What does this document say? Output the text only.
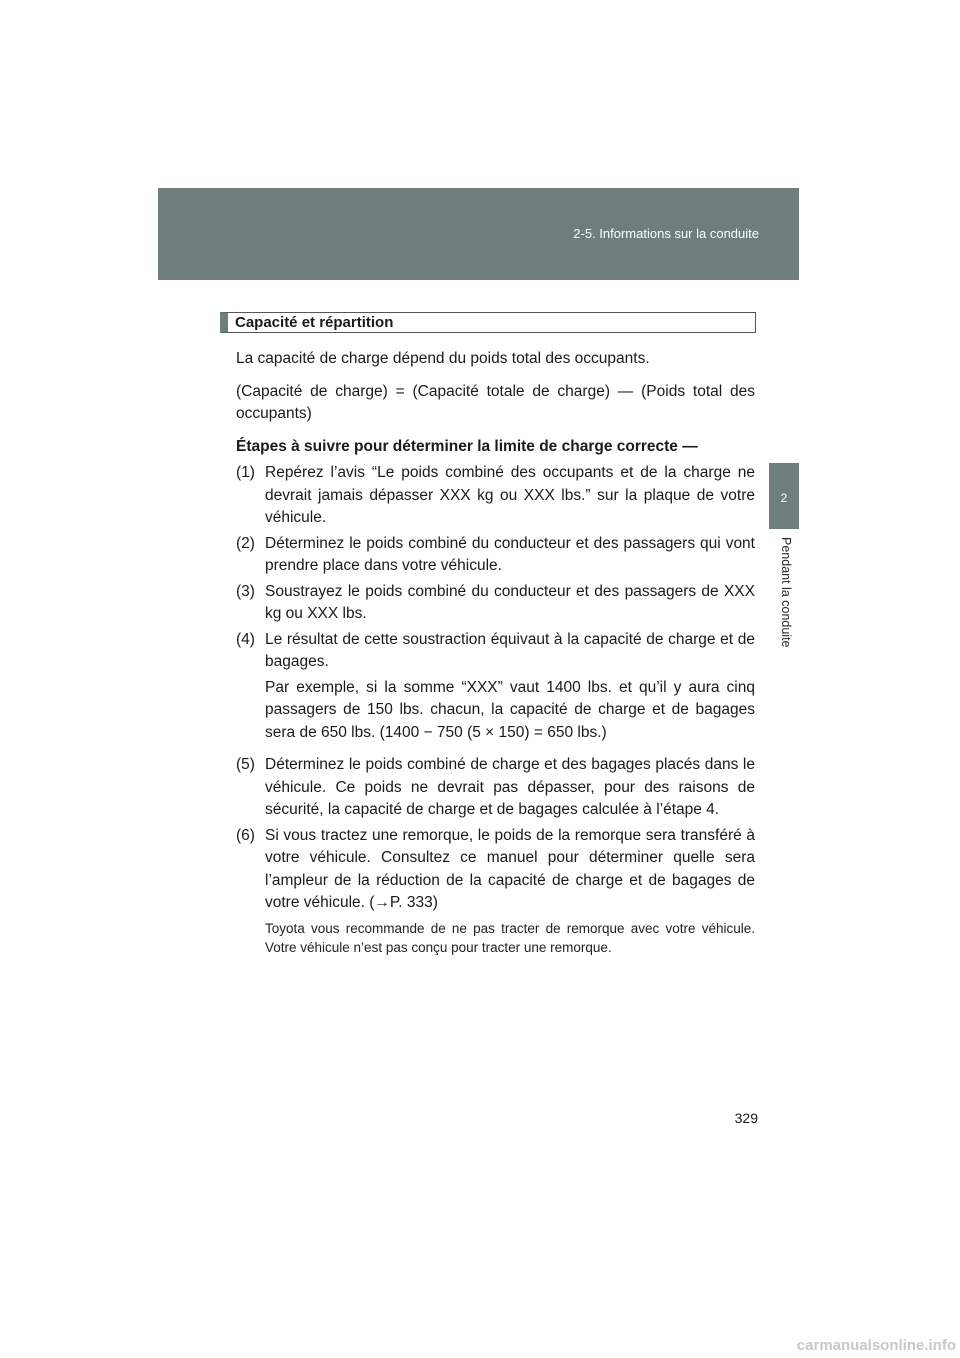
2-5. Informations sur la conduite
2
Pendant la conduite
Capacité et répartition

La capacité de charge dépend du poids total des occupants.

(Capacité de charge) = (Capacité totale de charge) — (Poids total des occupants)

Étapes à suivre pour déterminer la limite de charge correcte —

(1) Repérez l’avis “Le poids combiné des occupants et de la charge ne devrait jamais dépasser XXX kg ou XXX lbs.” sur la plaque de votre véhicule.
(2) Déterminez le poids combiné du conducteur et des passagers qui vont prendre place dans votre véhicule.
(3) Soustrayez le poids combiné du conducteur et des passagers de XXX kg ou XXX lbs.
(4) Le résultat de cette soustraction équivaut à la capacité de charge et de bagages.
Par exemple, si la somme “XXX” vaut 1400 lbs. et qu’il y aura cinq passagers de 150 lbs. chacun, la capacité de charge et de bagages sera de 650 lbs. (1400 − 750 (5 × 150) = 650 lbs.)
(5) Déterminez le poids combiné de charge et des bagages placés dans le véhicule. Ce poids ne devrait pas dépasser, pour des raisons de sécurité, la capacité de charge et de bagages calculée à l’étape 4.
(6) Si vous tractez une remorque, le poids de la remorque sera transféré à votre véhicule. Consultez ce manuel pour déterminer quelle sera l’ampleur de la réduction de la capacité de charge et de bagages de votre véhicule. (→P. 333)
Toyota vous recommande de ne pas tracter de remorque avec votre véhicule. Votre véhicule n’est pas conçu pour tracter une remorque.
329
carmanualsonline.info
